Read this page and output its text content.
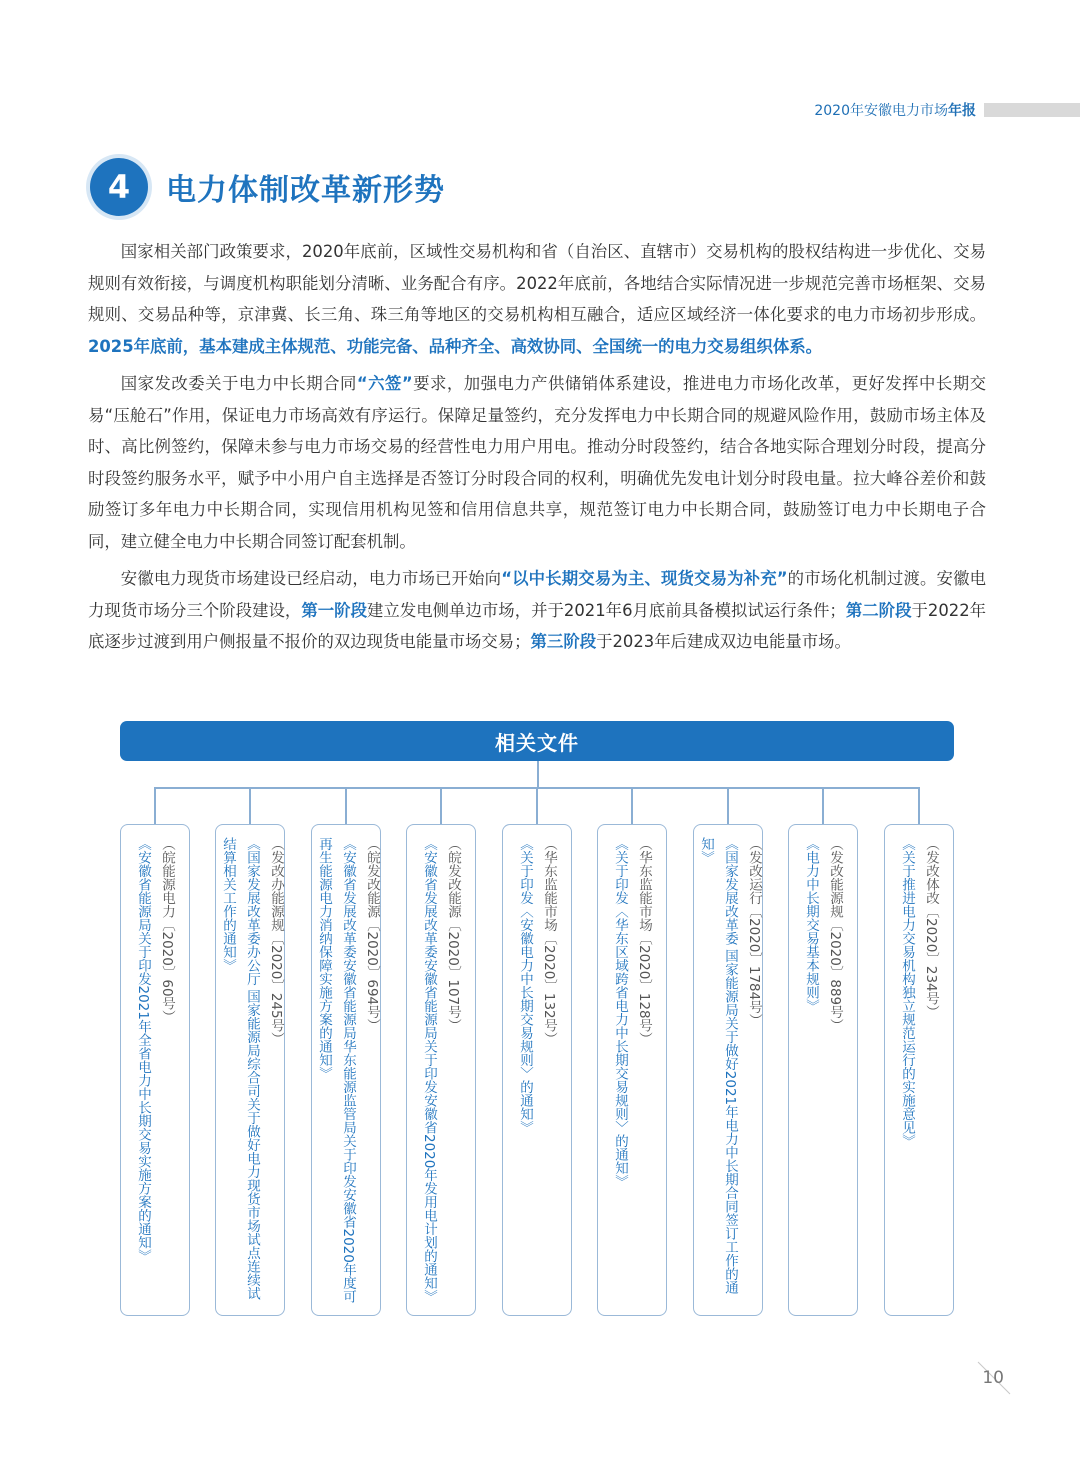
2020年安徽电力市场年报
4	电力体制改革新形势

国家相关部门政策要求，2020年底前，区域性交易机构和省（自治区、直辖市）交易机构的股权结构进一步优化、交易规则有效衔接，与调度机构职能划分清晰、业务配合有序。2022年底前，各地结合实际情况进一步规范完善市场框架、交易规则、交易品种等，京津冀、长三角、珠三角等地区的交易机构相互融合，适应区域经济一体化要求的电力市场初步形成。2025年底前，基本建成主体规范、功能完备、品种齐全、高效协同、全国统一的电力交易组织体系。

国家发改委关于电力中长期合同“六签”要求，加强电力产供储销体系建设，推进电力市场化改革，更好发挥中长期交易“压舱石”作用，保证电力市场高效有序运行。保障足量签约，充分发挥电力中长期合同的规避风险作用，鼓励市场主体及时、高比例签约，保障未参与电力市场交易的经营性电力用户用电。推动分时段签约，结合各地实际合理划分时段，提高分时段签约服务水平，赋予中小用户自主选择是否签订分时段合同的权利，明确优先发电计划分时段电量。拉大峰谷差价和鼓励签订多年电力中长期合同，实现信用机构见签和信用信息共享，规范签订电力中长期合同，鼓励签订电力中长期电子合同，建立健全电力中长期合同签订配套机制。

安徽电力现货市场建设已经启动，电力市场已开始向“以中长期交易为主、现货交易为补充”的市场化机制过渡。安徽电力现货市场分三个阶段建设，第一阶段建立发电侧单边市场，并于2021年6月底前具备模拟试运行条件；第二阶段于2022年底逐步过渡到用户侧报量不报价的双边现货电能量市场交易；第三阶段于2023年后建成双边电能量市场。

相关文件
（皖能源电力〔2020〕60号）
《安徽省能源局关于印发2021年全省电力中长期交易实施方案的通知》	（发改办能源规〔2020〕245号）
《国家发展改革委办公厅 国家能源局综合司关于做好电力现货市场试点连续试结算相关工作的通知》	（皖发改能源〔2020〕694号）
《安徽省发展改革委安徽省能源局华东能源监管局关于印发安徽省2020年度可再生能源电力消纳保障实施方案的通知》	（皖发改能源〔2020〕107号）
《安徽省发展改革委安徽省能源局关于印发安徽省2020年发用电计划的通知》	（华东监能市场〔2020〕132号）
《关于印发〈安徽电力中长期交易规则〉的通知》	（华东监能市场〔2020〕128号）
《关于印发〈华东区域跨省电力中长期交易规则〉的通知》	（发改运行〔2020〕1784号）
《国家发展改革委 国家能源局关于做好2021年电力中长期合同签订工作的通知》	（发改能源规〔2020〕889号）
《电力中长期交易基本规则》	（发改体改〔2020〕234号）
《关于推进电力交易机构独立规范运行的实施意见》
10
